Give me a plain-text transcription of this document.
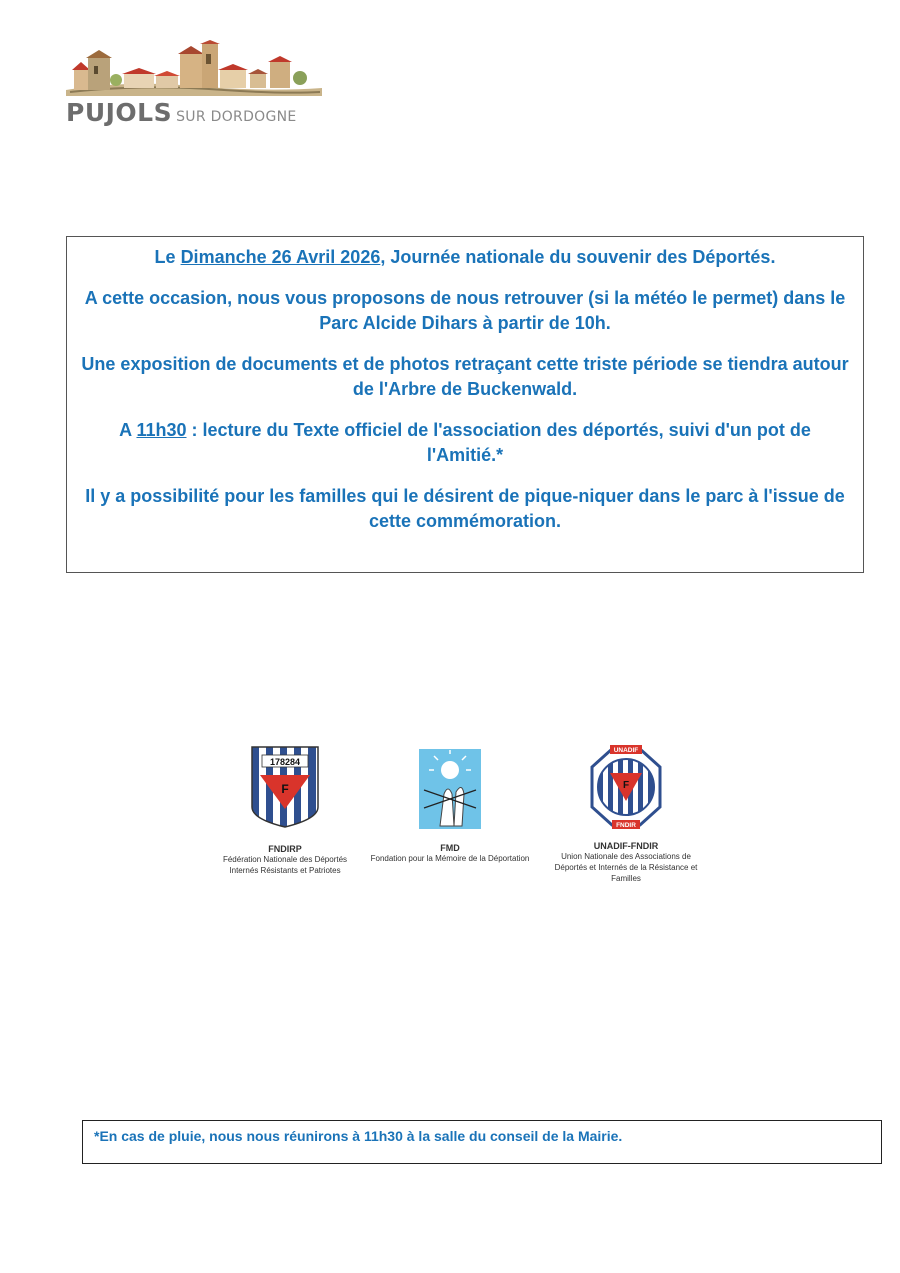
PUJOLS SUR DORDOGNE

Le Dimanche 26 Avril 2026, Journée nationale du souvenir des Déportés.

A cette occasion, nous vous proposons de nous retrouver (si la météo le permet) dans le Parc Alcide Dihars à partir de 10h.

Une exposition de documents et de photos retraçant cette triste période se tiendra autour de l'Arbre de Buckenwald.

A 11h30 : lecture du Texte officiel de l'association des déportés, suivi d'un pot de l'Amitié.*

Il y a possibilité pour les familles qui le désirent de pique-niquer dans le parc à l'issue de cette commémoration.

178284
F
FNDIRP
Fédération Nationale des Déportés Internés Résistants et Patriotes
FMD
Fondation pour la Mémoire de la Déportation
UNADIF
FNDIR
F
UNADIF-FNDIR
Union Nationale des Associations de Déportés et Internés de la Résistance et Familles
*En cas de pluie, nous nous réunirons à 11h30 à la salle du conseil de la Mairie.
